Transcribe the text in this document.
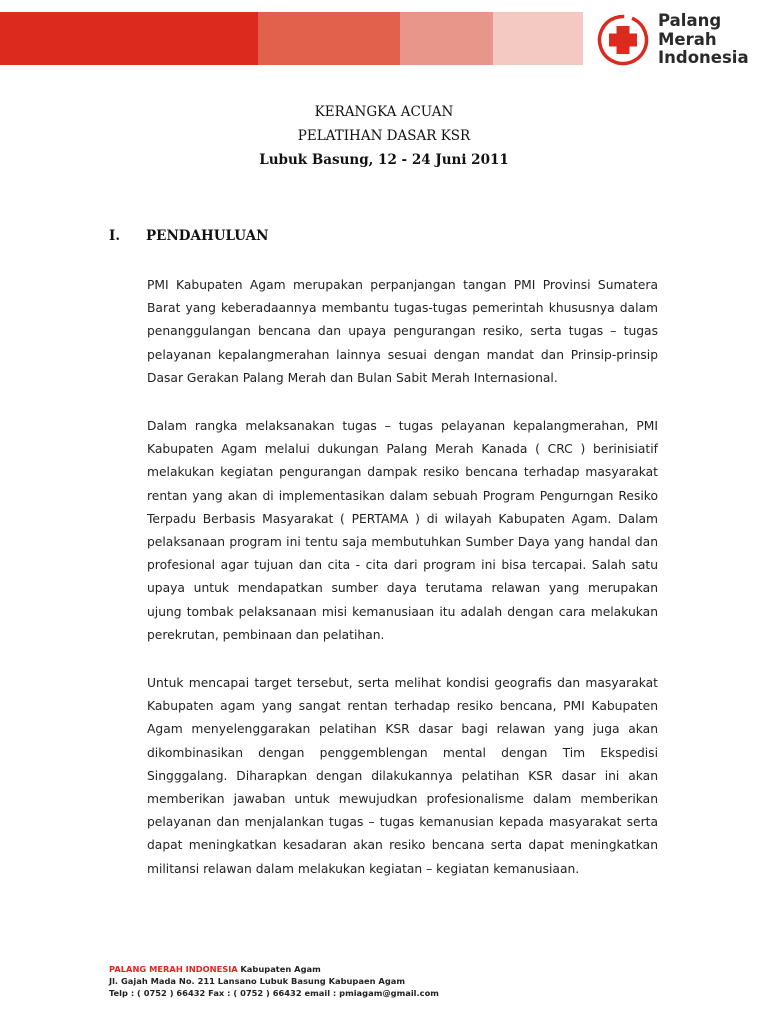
Palang
Merah
Indonesia
KERANGKA ACUAN
PELATIHAN DASAR KSR
Lubuk Basung, 12 - 24 Juni 2011
I.	PENDAHULUAN

PMI Kabupaten Agam merupakan perpanjangan tangan PMI Provinsi Sumatera Barat yang keberadaannya membantu tugas-tugas pemerintah khususnya dalam penanggulangan bencana dan upaya pengurangan resiko, serta tugas – tugas pelayanan kepalangmerahan lainnya sesuai dengan mandat dan Prinsip-prinsip Dasar Gerakan Palang Merah dan Bulan Sabit Merah Internasional.

Dalam rangka melaksanakan tugas – tugas pelayanan kepalangmerahan, PMI Kabupaten Agam melalui dukungan Palang Merah Kanada ( CRC ) berinisiatif melakukan kegiatan pengurangan dampak resiko bencana terhadap masyarakat rentan yang akan di implementasikan dalam sebuah Program Pengurngan Resiko Terpadu Berbasis Masyarakat ( PERTAMA ) di wilayah Kabupaten Agam. Dalam pelaksanaan program ini tentu saja membutuhkan Sumber Daya yang handal dan profesional agar tujuan dan cita - cita dari program ini bisa tercapai. Salah satu upaya untuk mendapatkan sumber daya terutama relawan yang merupakan ujung tombak pelaksanaan misi kemanusiaan itu adalah dengan cara melakukan perekrutan, pembinaan dan pelatihan.

Untuk mencapai target tersebut, serta melihat kondisi geografis dan masyarakat Kabupaten agam yang sangat rentan terhadap resiko bencana, PMI Kabupaten Agam menyelenggarakan pelatihan KSR dasar bagi relawan yang juga akan dikombinasikan dengan penggemblengan mental dengan Tim Ekspedisi Singggalang. Diharapkan dengan dilakukannya pelatihan KSR dasar ini akan memberikan jawaban untuk mewujudkan profesionalisme dalam memberikan pelayanan dan menjalankan tugas – tugas kemanusian kepada masyarakat serta dapat meningkatkan kesadaran akan resiko bencana serta dapat meningkatkan militansi relawan dalam melakukan kegiatan – kegiatan kemanusiaan.

PALANG MERAH INDONESIA Kabupaten Agam
Jl. Gajah Mada No. 211 Lansano Lubuk Basung Kabupaen Agam
Telp : ( 0752 ) 66432 Fax : ( 0752 ) 66432 email : pmiagam@gmail.com
